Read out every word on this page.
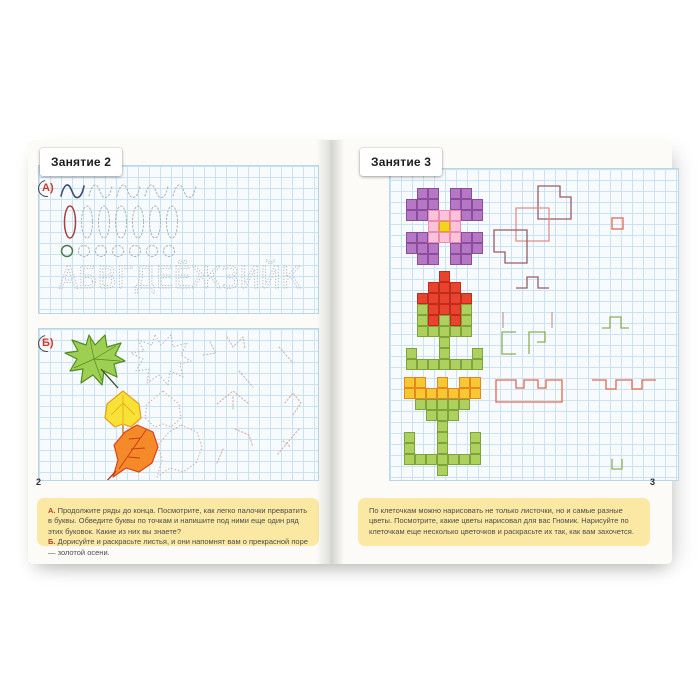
Занятие 2
А)
АБВГДЕЁЖЗИЙК
Б)
2

А. Продолжите ряды до конца. Посмотрите, как легко палочки превратить в буквы. Обведите буквы по точкам и напишите под ними еще один ряд этих буковок. Какие из них вы знаете?

Б. Дорисуйте и раскрасьте листья, и они напомнят вам о прекрасной поре — золотой осени.

Занятие 3
3

По клеточкам можно нарисовать не только листочки, но и самые разные цветы. Посмотрите, какие цветы нарисовал для вас Гномик. Нарисуйте по клеточкам еще несколько цветочков и раскрасьте их так, как вам захочется.
